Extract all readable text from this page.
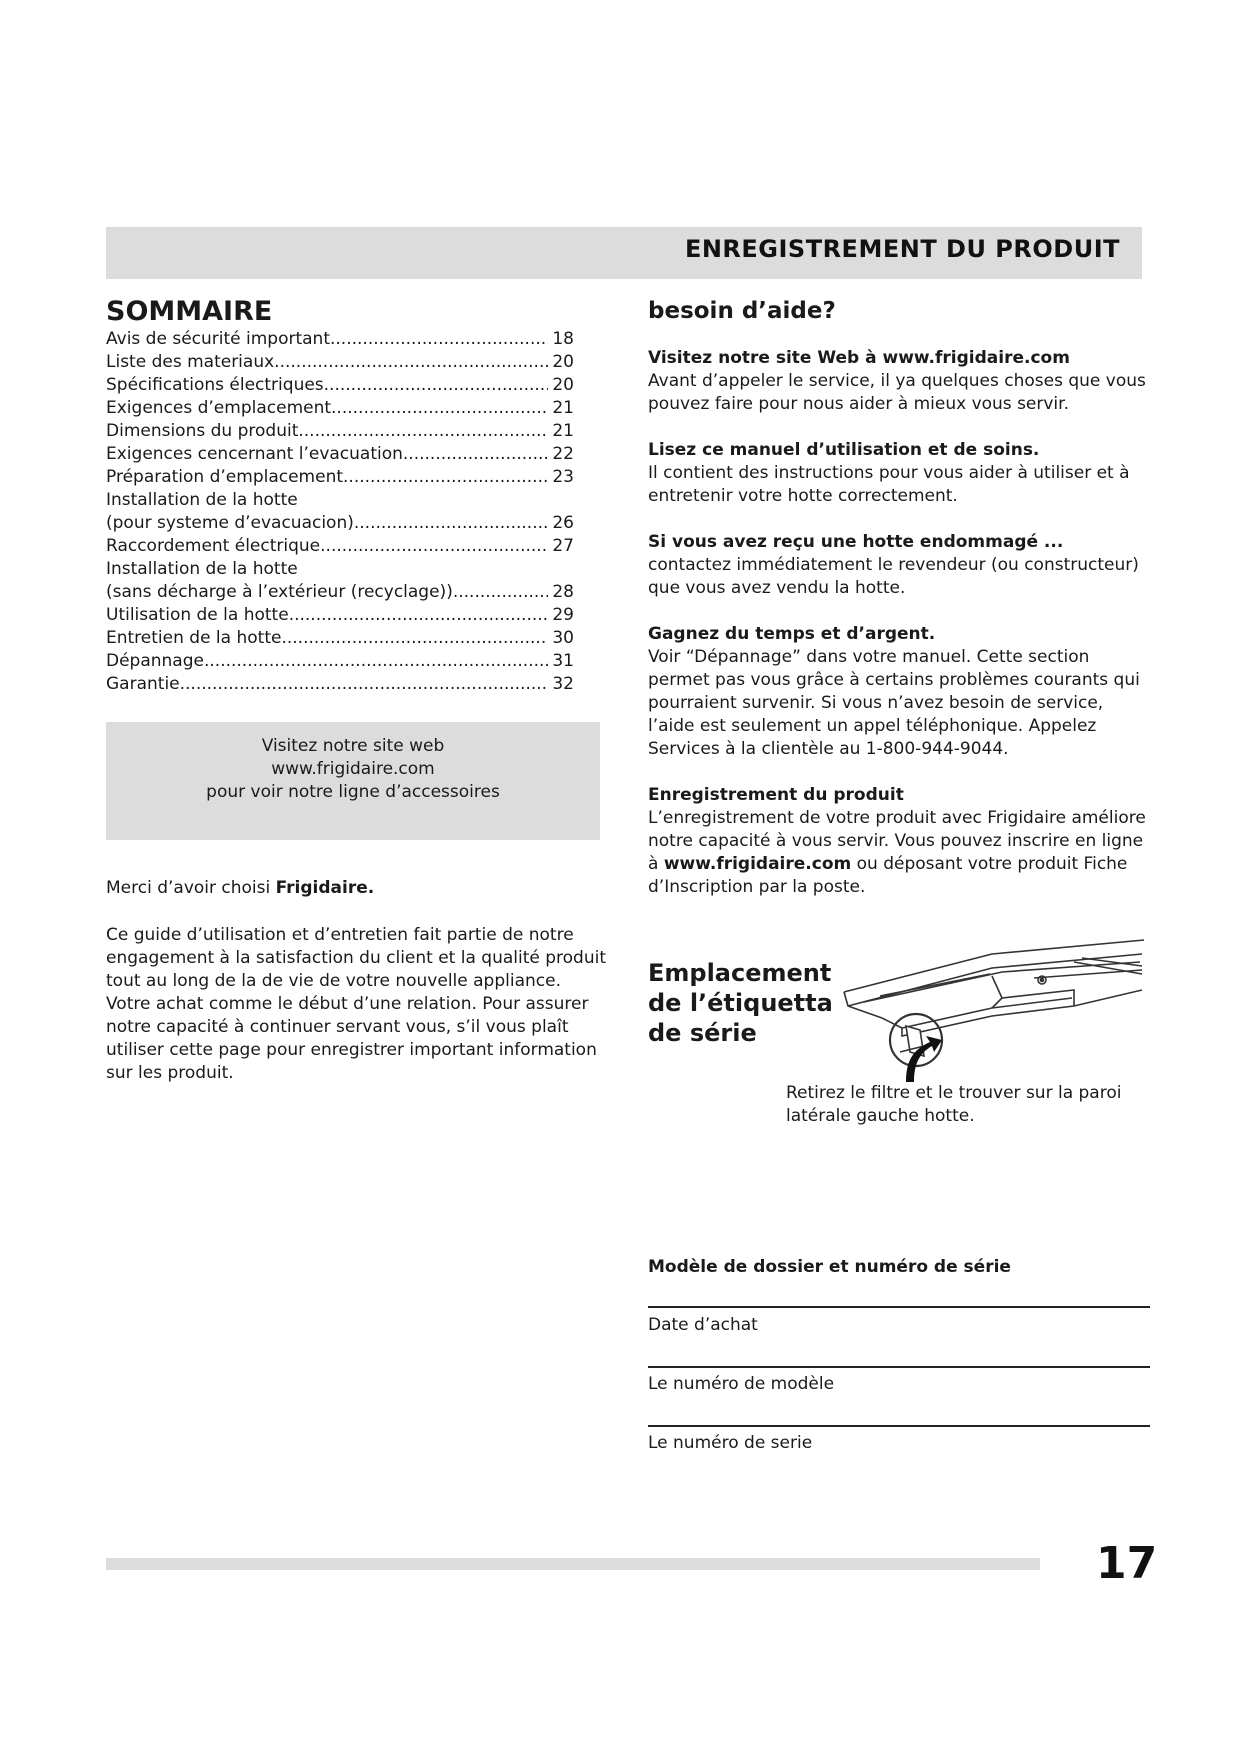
ENREGISTREMENT DU PRODUIT
SOMMAIRE
Avis de sécurité important .....	18
Liste des materiaux .....	20
Spécifications électriques .....	20
Exigences d’emplacement .....	21
Dimensions du produit .....	21
Exigences cencernant l’evacuation .....	22
Préparation d’emplacement .....	23
Installation de la hotte
(pour systeme d’evacuacion) .....	26
Raccordement électrique .....	27
Installation de la hotte
(sans décharge à l’extérieur (recyclage)) .....	28
Utilisation de la hotte .....	29
Entretien de la hotte .....	30
Dépannage .....	31
Garantie .....	32
Visitez notre site web
www.frigidaire.com
pour voir notre ligne d’accessoires
Merci d’avoir choisi Frigidaire.
Ce guide d’utilisation et d’entretien fait partie de notre engagement à la satisfaction du client et la qualité produit tout au long de la de vie de votre nouvelle appliance. Votre achat comme le début d’une relation. Pour assurer notre capacité à continuer servant vous, s’il vous plaît utiliser cette page pour enregistrer important information sur les produit.
besoin d’aide?
Visitez notre site Web à www.frigidaire.com
Avant d’appeler le service, il ya quelques choses que vous pouvez faire pour nous aider à mieux vous servir.
Lisez ce manuel d’utilisation et de soins.
Il contient des instructions pour vous aider à utiliser et à entretenir votre hotte correctement.
Si vous avez reçu une hotte endommagé ...
contactez immédiatement le revendeur (ou constructeur) que vous avez vendu la hotte.
Gagnez du temps et d’argent.
Voir “Dépannage” dans votre manuel. Cette section permet pas vous grâce à certains problèmes courants qui pourraient survenir. Si vous n’avez besoin de service, l’aide est seulement un appel téléphonique. Appelez Services à la clientèle au 1-800-944-9044.
Enregistrement du produit
L’enregistrement de votre produit avec Frigidaire améliore notre capacité à vous servir. Vous pouvez inscrire en ligne à www.frigidaire.com ou déposant votre produit Fiche d’Inscription par la poste.
Emplacement
de l’étiquetta
de série
Retirez le filtre et le trouver sur la paroi latérale gauche hotte.
Modèle de dossier et numéro de série
Date d’achat
Le numéro de modèle
Le numéro de serie
17
